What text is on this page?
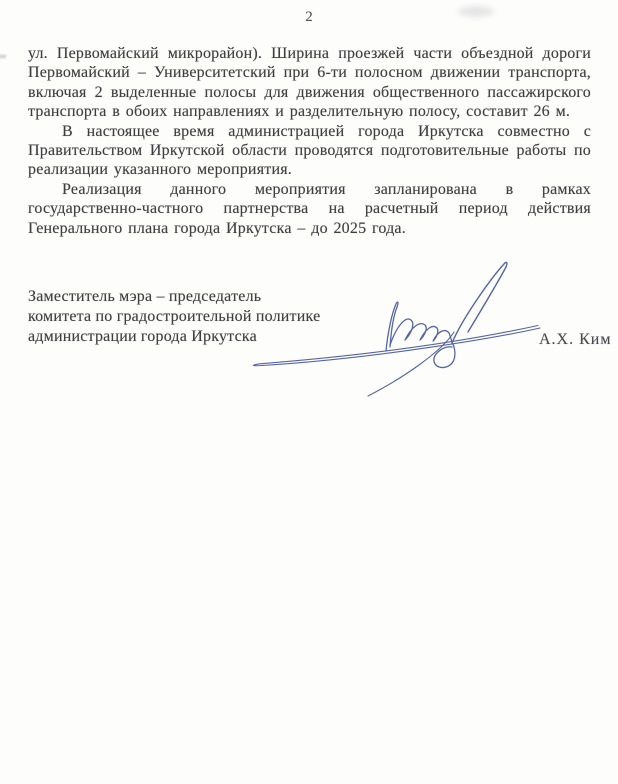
2

ул. Первомайский микрорайон). Ширина проезжей части объездной дороги Первомайский – Университетский при 6-ти полосном движении транспорта, включая 2 выделенные полосы для движения общественного пассажирского транспорта в обоих направлениях и разделительную полосу, составит 26 м.

В настоящее время администрацией города Иркутска совместно с Правительством Иркутской области проводятся подготовительные работы по реализации указанного мероприятия.

Реализация данного мероприятия запланирована в рамках государственно-частного партнерства на расчетный период действия Генерального плана города Иркутска – до 2025 года.

Заместитель мэра – председатель
комитета по градостроительной политике
администрации города Иркутска	А.Х. Ким
